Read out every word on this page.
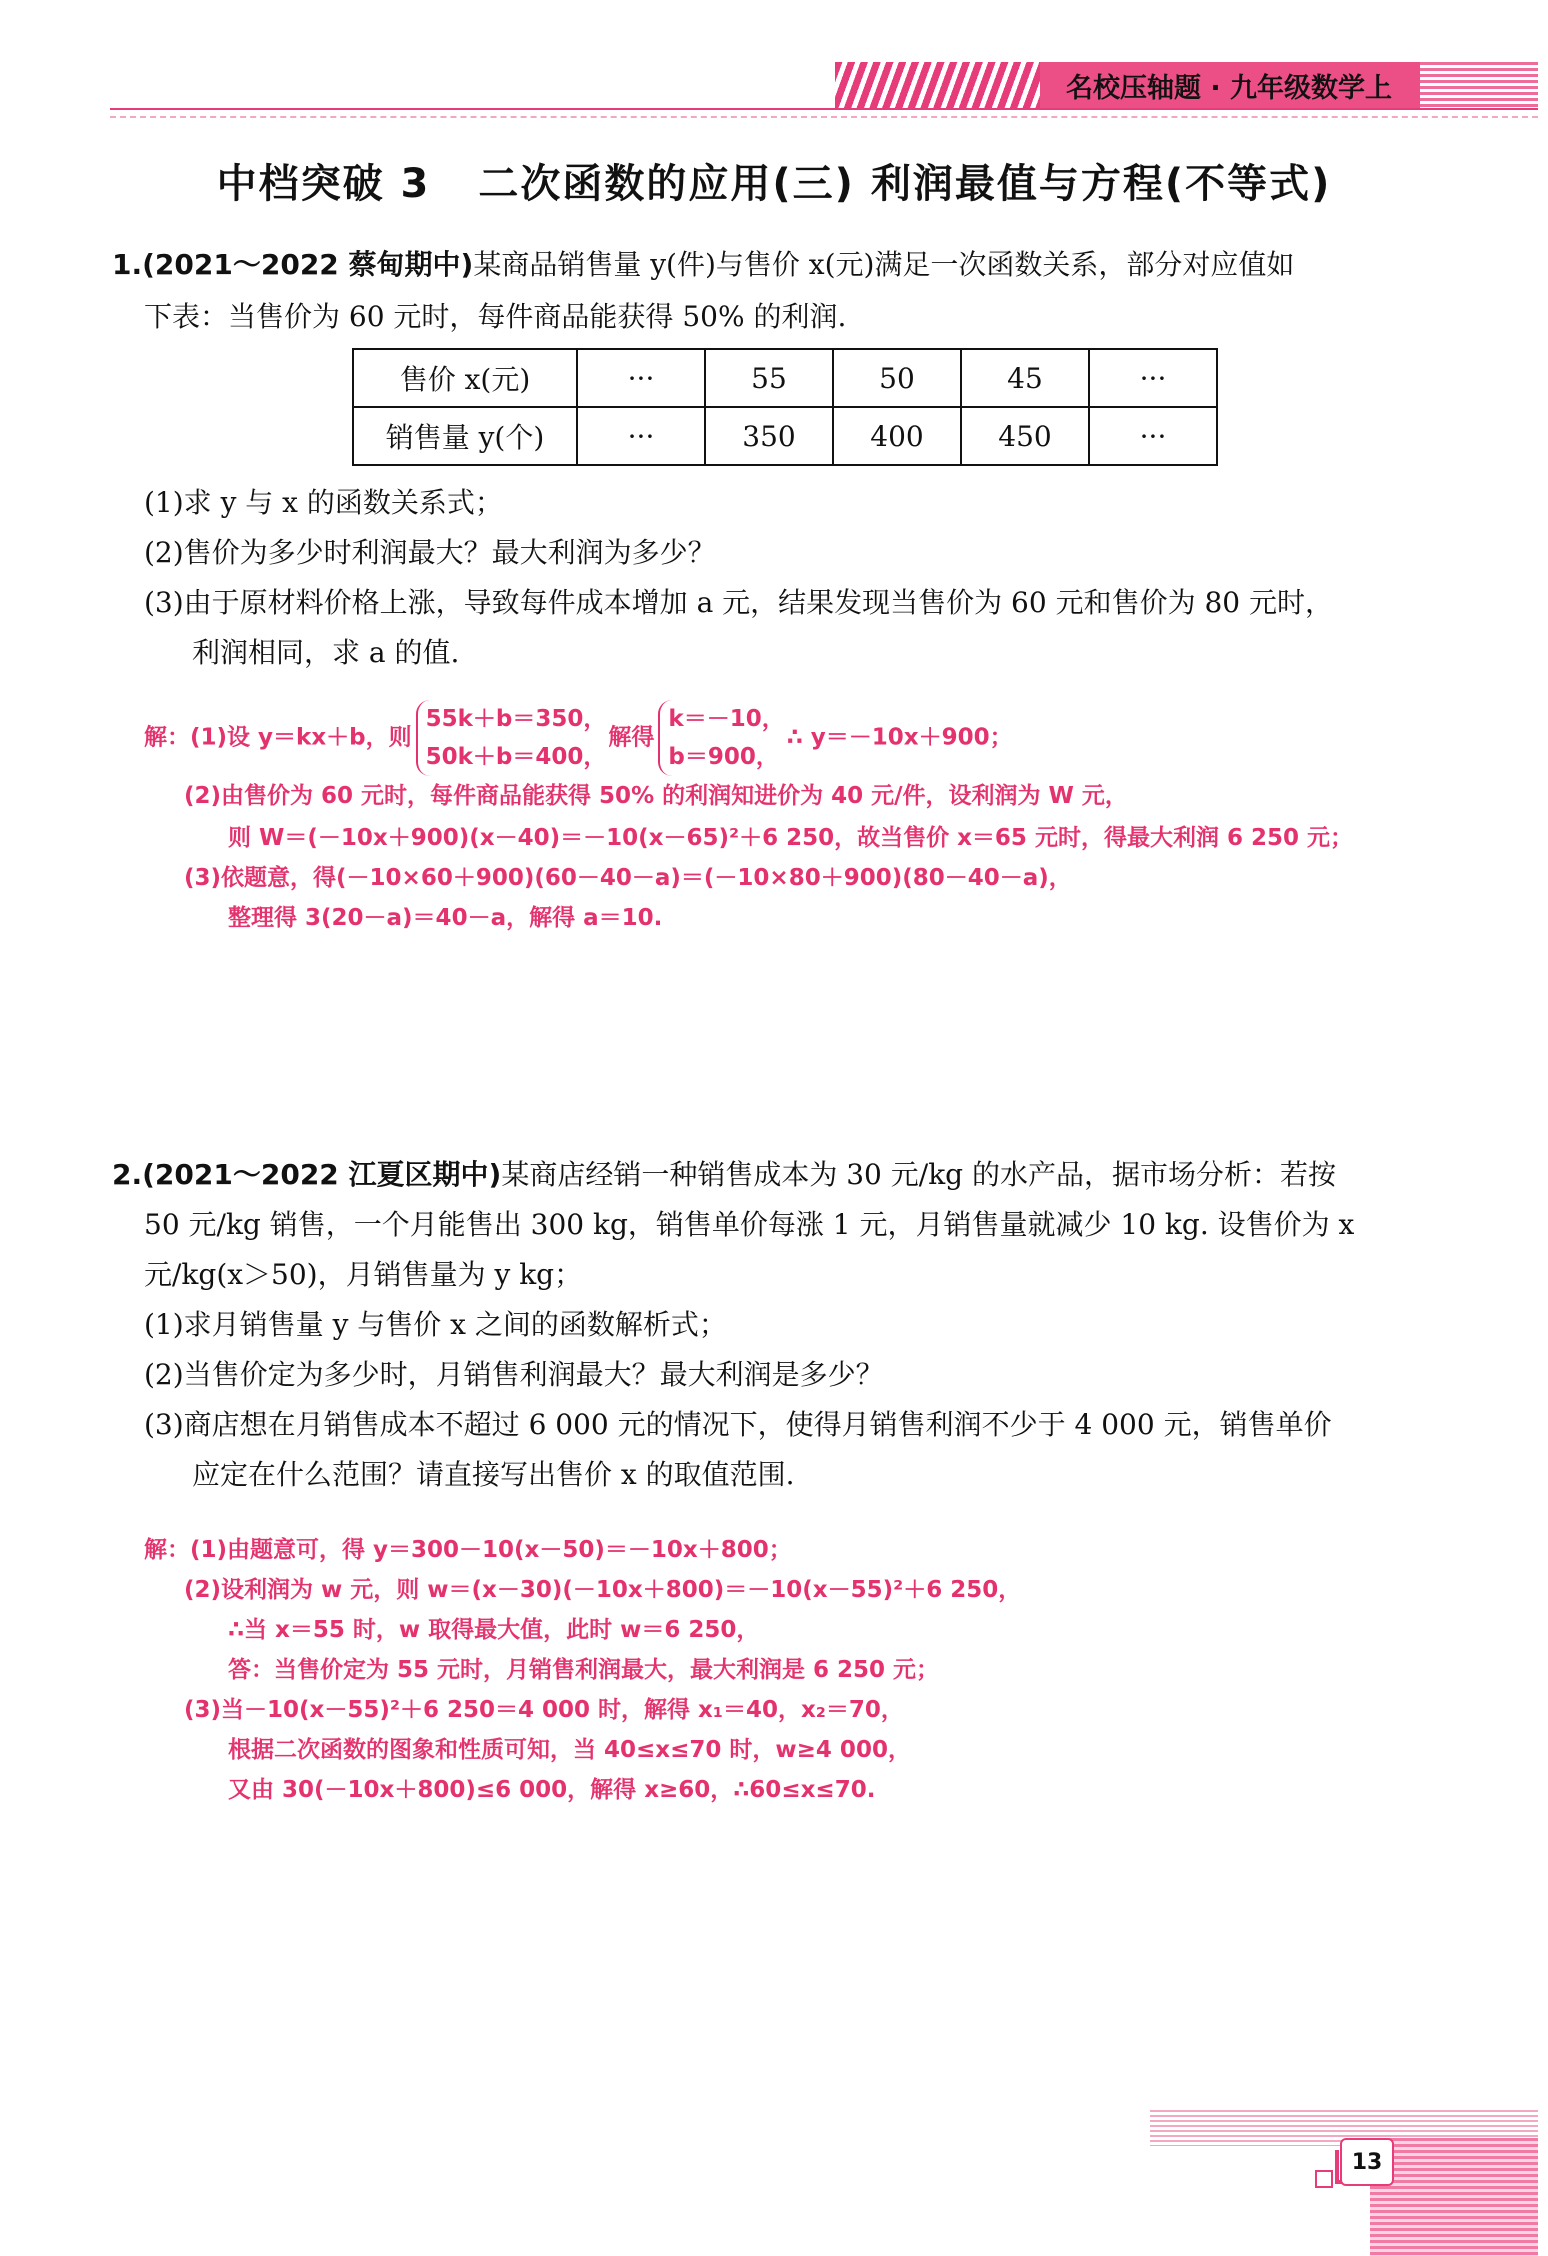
名校压轴题 · 九年级数学上
中档突破 3 二次函数的应用(三) 利润最值与方程(不等式)
1.(2021～2022 蔡甸期中)某商品销售量 y(件)与售价 x(元)满足一次函数关系，部分对应值如
下表：当售价为 60 元时，每件商品能获得 50% 的利润.
售价 x(元)	···	55	50	45	···
销售量 y(个)	···	350	400	450	···
(1)求 y 与 x 的函数关系式；
(2)售价为多少时利润最大？最大利润为多少？
(3)由于原材料价格上涨，导致每件成本增加 a 元，结果发现当售价为 60 元和售价为 80 元时，
利润相同，求 a 的值.
解：(1)设 y＝kx＋b，则
55k＋b＝350，
50k＋b＝400，
解得
k＝－10，
b＝900，
∴ y＝－10x＋900；
(2)由售价为 60 元时，每件商品能获得 50% 的利润知进价为 40 元/件，设利润为 W 元，
则 W＝(－10x＋900)(x－40)＝－10(x－65)²＋6 250，故当售价 x＝65 元时，得最大利润 6 250 元；
(3)依题意，得(－10×60＋900)(60－40－a)＝(－10×80＋900)(80－40－a)，
整理得 3(20－a)＝40－a，解得 a＝10.
2.(2021～2022 江夏区期中)某商店经销一种销售成本为 30 元/kg 的水产品，据市场分析：若按
50 元/kg 销售，一个月能售出 300 kg，销售单价每涨 1 元，月销售量就减少 10 kg. 设售价为 x
元/kg(x＞50)，月销售量为 y kg；
(1)求月销售量 y 与售价 x 之间的函数解析式；
(2)当售价定为多少时，月销售利润最大？最大利润是多少？
(3)商店想在月销售成本不超过 6 000 元的情况下，使得月销售利润不少于 4 000 元，销售单价
应定在什么范围？请直接写出售价 x 的取值范围.
解：(1)由题意可，得 y＝300－10(x－50)＝－10x＋800；
(2)设利润为 w 元，则 w＝(x－30)(－10x＋800)＝－10(x－55)²＋6 250，
∴当 x＝55 时，w 取得最大值，此时 w＝6 250，
答：当售价定为 55 元时，月销售利润最大，最大利润是 6 250 元；
(3)当－10(x－55)²＋6 250＝4 000 时，解得 x₁＝40，x₂＝70，
根据二次函数的图象和性质可知，当 40≤x≤70 时，w≥4 000，
又由 30(－10x＋800)≤6 000，解得 x≥60，∴60≤x≤70.
13
